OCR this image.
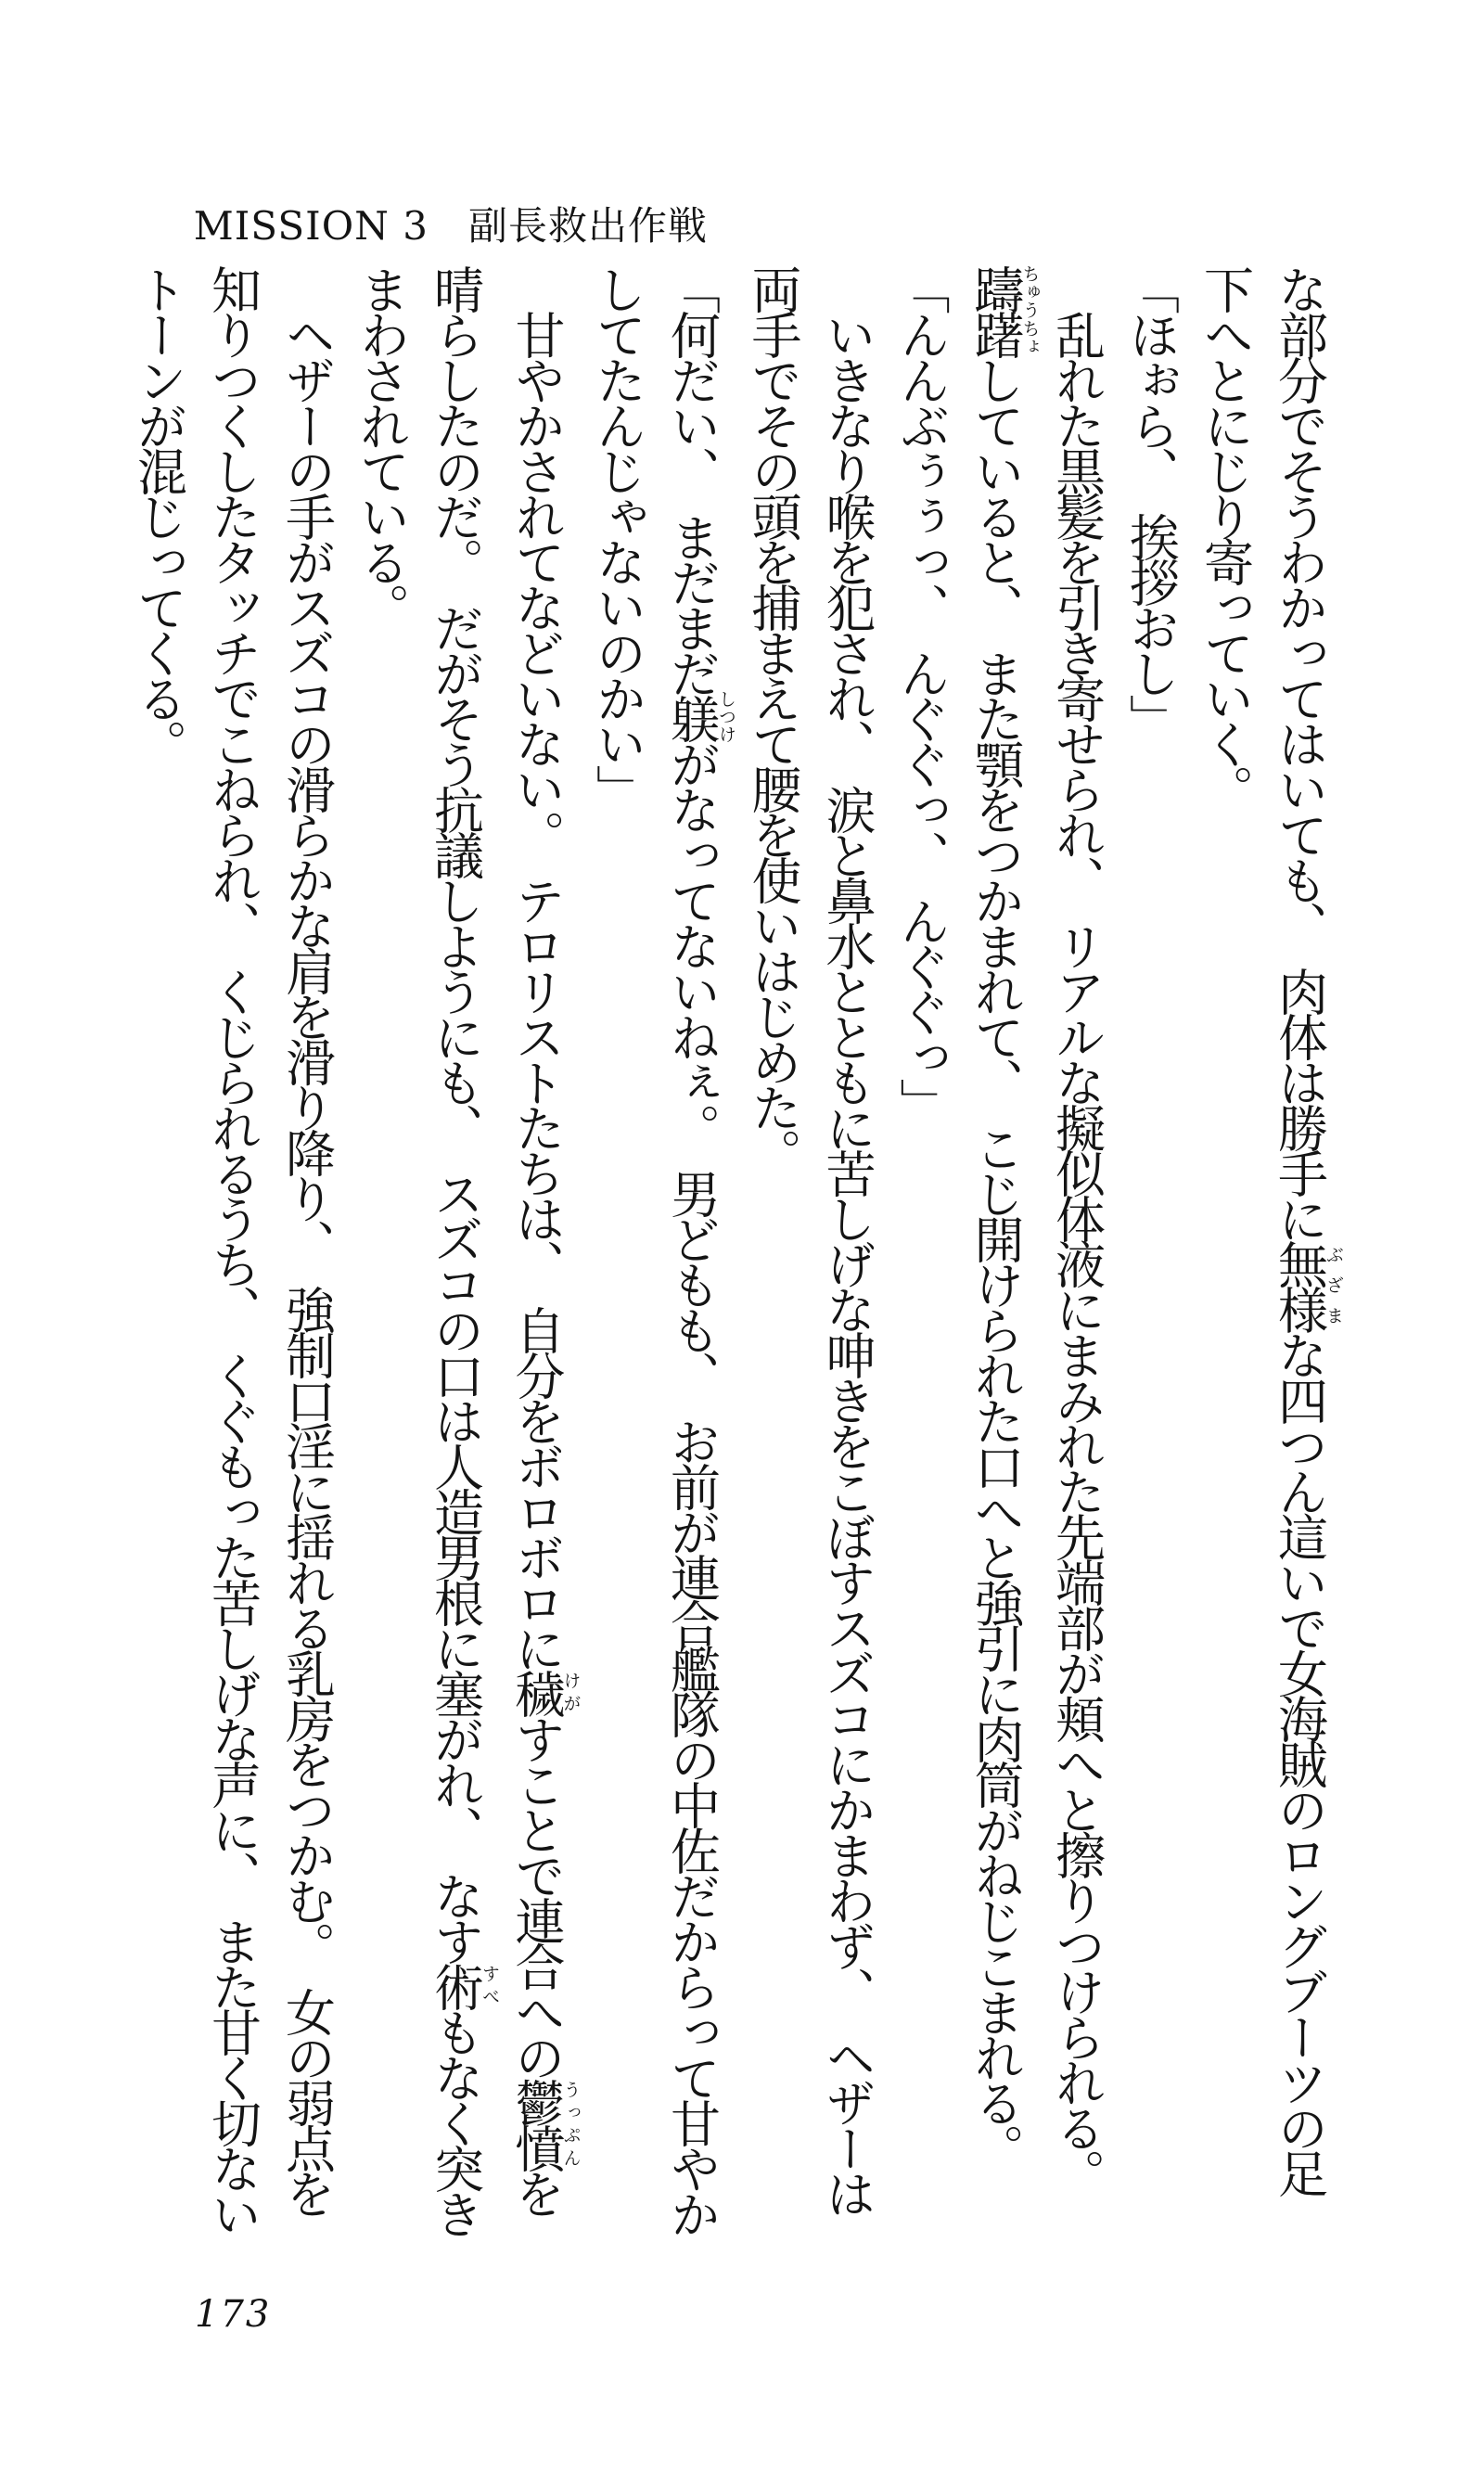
MISSION 3　副長救出作戦

な部分でそうわかってはいても、　肉体は勝手に無様ぶざまな四つん這いで女海賊のロングブーツの足

下へとにじり寄っていく。

「ほぉら、　挨拶おし」

　乱れた黒髪を引き寄せられ、　リアルな擬似体液にまみれた先端部が頬へと擦りつけられる。

躊躇ちゅうちょしていると、　また顎をつかまれて、　こじ開けられた口へと強引に肉筒がねじこまれる。

「んんぶぅぅっ、　んぐぐっ、　んぐぐっ」

　いきなり喉を犯され、　涙と鼻水とともに苦しげな呻きをこぼすスズコにかまわず、　ヘザーは

両手でその頭を捕まえて腰を使いはじめた。

「何だい、　まだまだ躾しつけがなってないねぇ。　男どもも、　お前が連合艦隊の中佐だからって甘やか

してたんじゃないのかい」

　甘やかされてなどいない。　テロリストたちは、　自分をボロボロに穢けがすことで連合への鬱憤うっぷんを

晴らしたのだ。　だがそう抗議しようにも、　スズコの口は人造男根に塞がれ、　なす術すべもなく突き

まわされている。

　ヘザーの手がスズコの滑らかな肩を滑り降り、　強制口淫に揺れる乳房をつかむ。　女の弱点を

知りつくしたタッチでこねられ、　くじられるうち、　くぐもった苦しげな声に、　また甘く切ない

トーンが混じってくる。

173
